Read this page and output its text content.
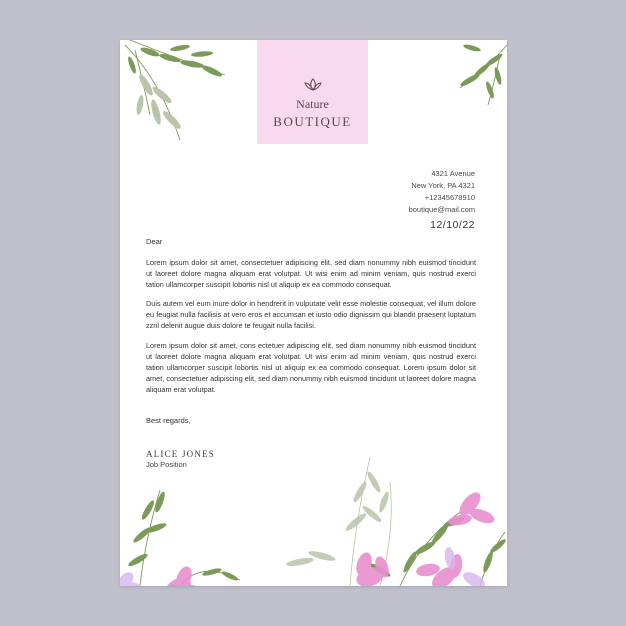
Nature
BOUTIQUE
4321 Avenue
New York, PA 4321
+12345678910
boutique@mail.com
12/10/22
Dear
Lorem ipsum dolor sit amet, consectetuer adipiscing elit, sed diam nonummy nibh euismod tincidunt ut laoreet dolore magna aliquam erat volutpat. Ut wisi enim ad minim veniam, quis nostrud exerci tation ullamcorper suscipit lobortis nisl ut aliquip ex ea commodo consequat.
Duis autem vel eum iriure dolor in hendrerit in vulputate velit esse molestie consequat, vel illum dolore eu feugiat nulla facilisis at vero eros et accumsan et iusto odio dignissim qui blandit praesent luptatum zzril delenit augue duis dolore te feugait nulla facilisi.
Lorem ipsum dolor sit amet, cons ectetuer adipiscing elit, sed diam nonummy nibh euismod tincidunt ut laoreet dolore magna aliquam erat volutpat. Ut wisi enim ad minim veniam, quis nostrud exerci tation ullamcorper suscipit lobortis nisl ut aliquip ex ea commodo consequat. Lorem ipsum dolor sit amet, consectetuer adipiscing elit, sed diam nonummy nibh euismod tincidunt ut laoreet dolore magna aliquam erat volutpat.
Best regards,
ALICE JONES
Job Position
